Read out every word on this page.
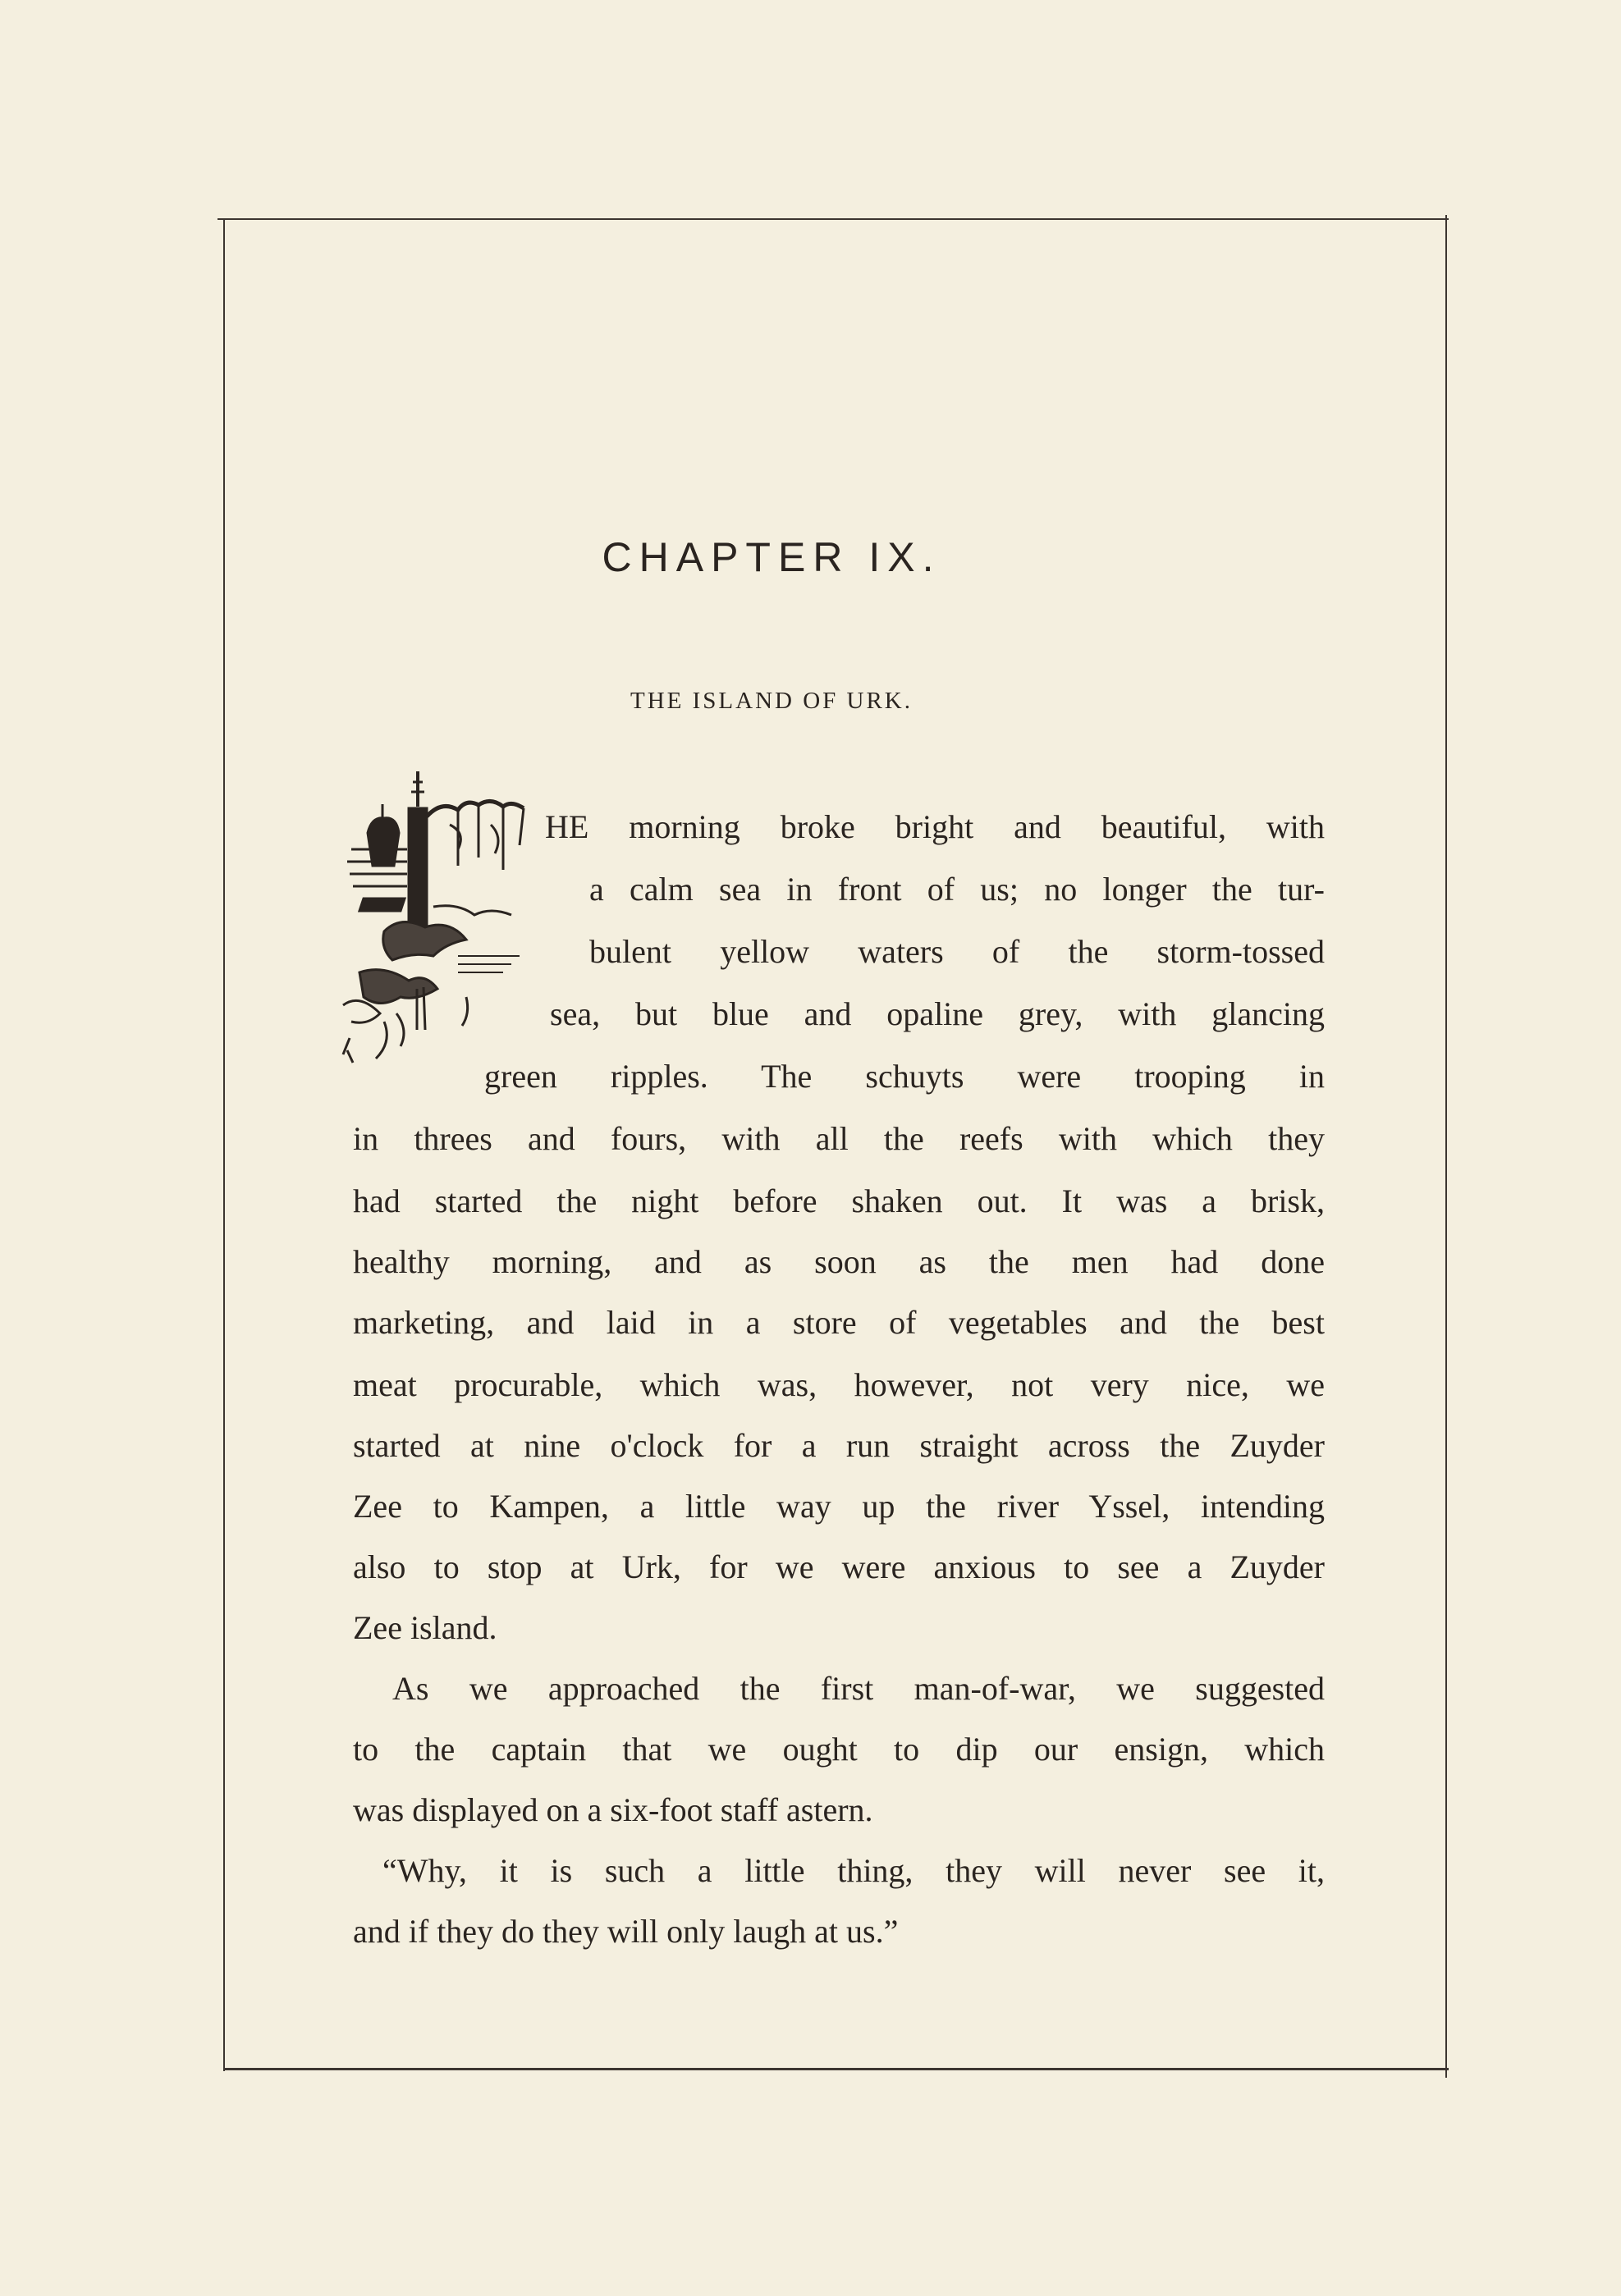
CHAPTER IX.
THE ISLAND OF URK.
HE morning broke bright and beautiful, with
a calm sea in front of us; no longer the tur-
bulent yellow waters of the storm-tossed
sea, but blue and opaline grey, with glancing
green ripples. The schuyts were trooping in
in threes and fours, with all the reefs with which they
had started the night before shaken out. It was a brisk,
healthy morning, and as soon as the men had done
marketing, and laid in a store of vegetables and the best
meat procurable, which was, however, not very nice, we
started at nine o'clock for a run straight across the Zuyder
Zee to Kampen, a little way up the river Yssel, intending
also to stop at Urk, for we were anxious to see a Zuyder
Zee island.
As we approached the first man-of-war, we suggested
to the captain that we ought to dip our ensign, which
was displayed on a six-foot staff astern.
“Why, it is such a little thing, they will never see it,
and if they do they will only laugh at us.”
